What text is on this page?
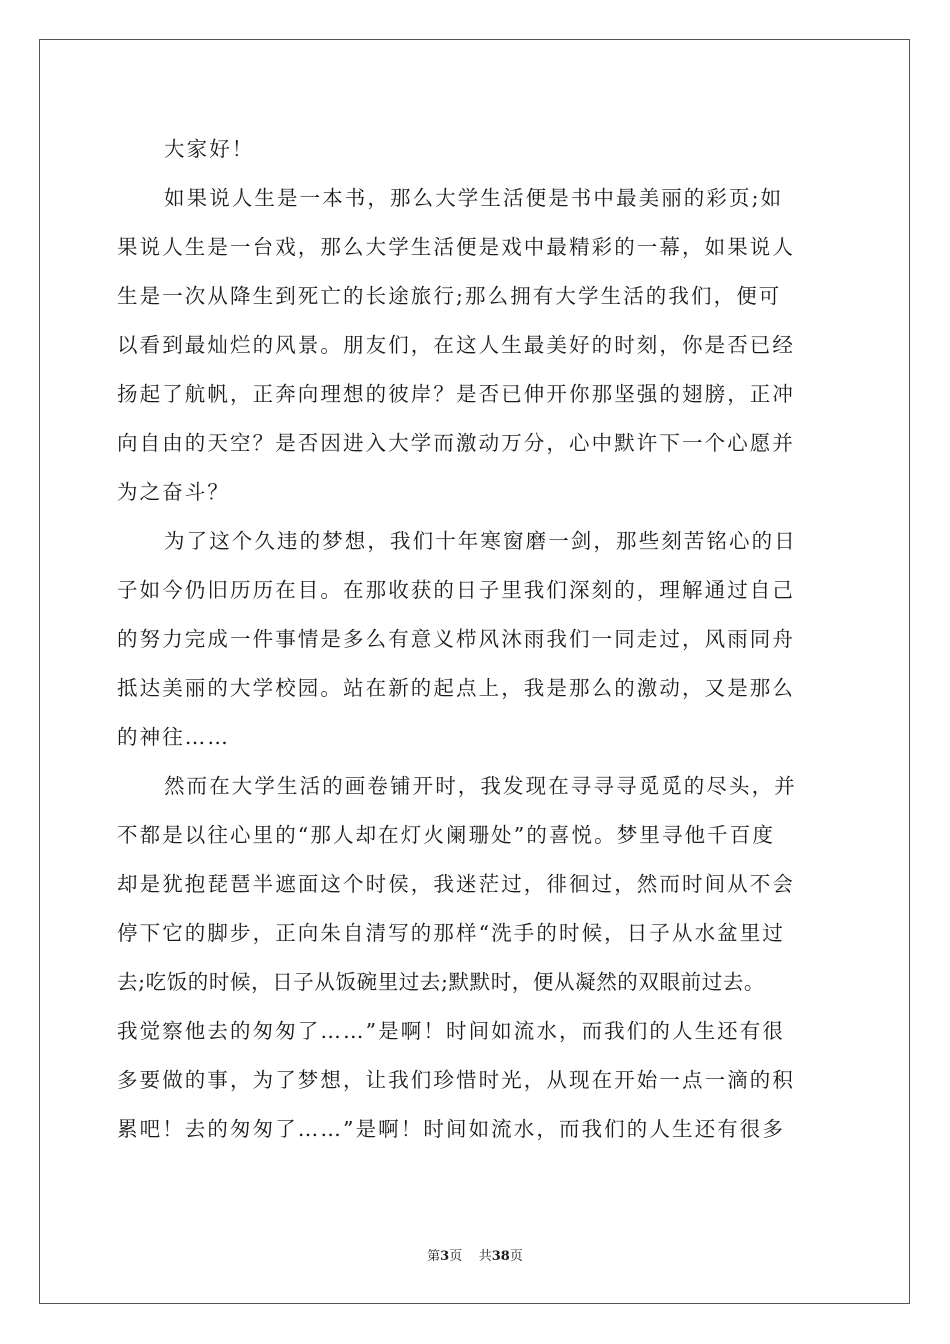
大家好！
如果说人生是一本书，那么大学生活便是书中最美丽的彩页;如
果说人生是一台戏，那么大学生活便是戏中最精彩的一幕，如果说人
生是一次从降生到死亡的长途旅行;那么拥有大学生活的我们，便可
以看到最灿烂的风景。朋友们，在这人生最美好的时刻，你是否已经
扬起了航帆，正奔向理想的彼岸？是否已伸开你那坚强的翅膀，正冲
向自由的天空？是否因进入大学而激动万分，心中默许下一个心愿并
为之奋斗？
为了这个久违的梦想，我们十年寒窗磨一剑，那些刻苦铭心的日
子如今仍旧历历在目。在那收获的日子里我们深刻的，理解通过自己
的努力完成一件事情是多么有意义栉风沐雨我们一同走过，风雨同舟
抵达美丽的大学校园。站在新的起点上，我是那么的激动，又是那么
的神往……
然而在大学生活的画卷铺开时，我发现在寻寻寻觅觅的尽头，并
不都是以往心里的“那人却在灯火阑珊处”的喜悦。梦里寻他千百度
却是犹抱琵琶半遮面这个时侯，我迷茫过，徘徊过，然而时间从不会
停下它的脚步，正向朱自清写的那样“洗手的时候，日子从水盆里过
去;吃饭的时候，日子从饭碗里过去;默默时，便从凝然的双眼前过去。
我觉察他去的匆匆了……”是啊！时间如流水，而我们的人生还有很
多要做的事，为了梦想，让我们珍惜时光，从现在开始一点一滴的积
累吧！去的匆匆了……”是啊！时间如流水，而我们的人生还有很多
第3页 共38页
